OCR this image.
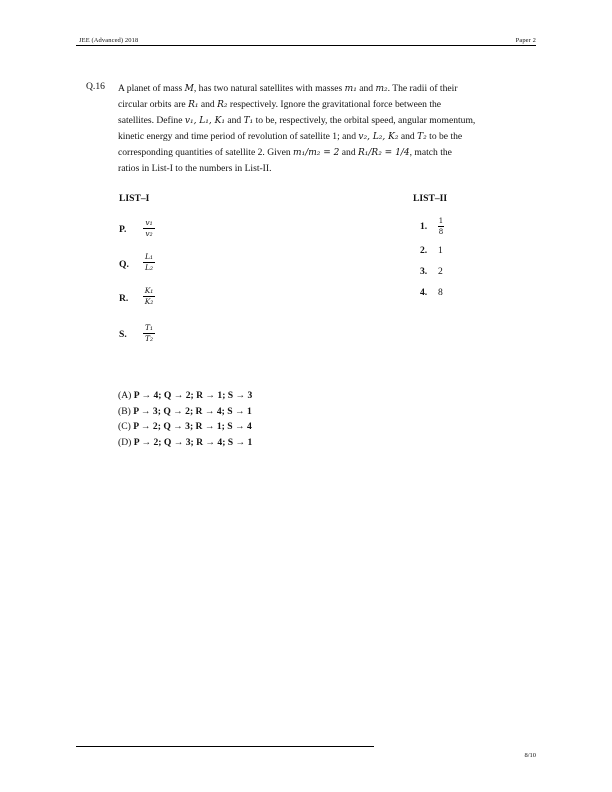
JEE (Advanced) 2018	Paper 2
Q.16 A planet of mass M, has two natural satellites with masses m₁ and m₂. The radii of their
circular orbits are R₁ and R₂ respectively. Ignore the gravitational force between the
satellites. Define v₁, L₁, K₁ and T₁ to be, respectively, the orbital speed, angular momentum,
kinetic energy and time period of revolution of satellite 1; and v₂, L₂, K₂ and T₂ to be the
corresponding quantities of satellite 2. Given m₁/m₂ = 2 and R₁/R₂ = 1/4, match the
ratios in List-I to the numbers in List-II.
LIST–I
P.
v₁
v₂
Q.
L₁
L₂
R.
K₁
K₂
S.
T₁
T₂
LIST–II
1. 1
8
2. 1
3. 2
4. 8
(A) P → 4; Q → 2; R → 1; S → 3
(B) P → 3; Q → 2; R → 4; S → 1
(C) P → 2; Q → 3; R → 1; S → 4
(D) P → 2; Q → 3; R → 4; S → 1
8/10
